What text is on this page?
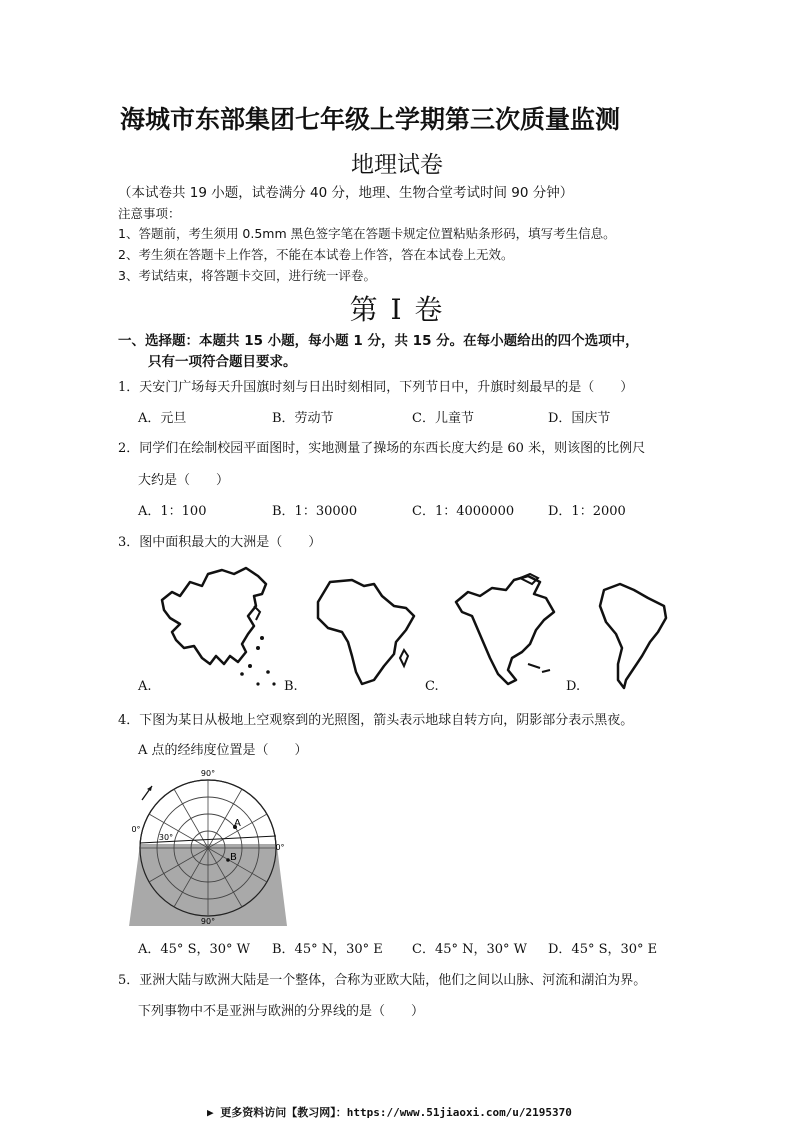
海城市东部集团七年级上学期第三次质量监测
地理试卷
（本试卷共 19 小题，试卷满分 40 分，地理、生物合堂考试时间 90 分钟）
注意事项：
1、答题前，考生须用 0.5mm 黑色签字笔在答题卡规定位置粘贴条形码，填写考生信息。
2、考生须在答题卡上作答，不能在本试卷上作答，答在本试卷上无效。
3、考试结束，将答题卡交回，进行统一评卷。
第 I 卷
一、选择题：本题共 15 小题，每小题 1 分，共 15 分。在每小题给出的四个选项中，
只有一项符合题目要求。
1．天安门广场每天升国旗时刻与日出时刻相同，下列节日中，升旗时刻最早的是（　　）
A．元旦	B．劳动节	C．儿童节	D．国庆节
2．同学们在绘制校园平面图时，实地测量了操场的东西长度大约是 60 米，则该图的比例尺
大约是（　　）
A．1：100	B．1：30000	C．1：4000000	D．1：2000
3．图中面积最大的大洲是（　　）
A.	B.	C.	D.
4．下图为某日从极地上空观察到的光照图，箭头表示地球自转方向，阴影部分表示黑夜。
A 点的经纬度位置是（　　）
90°
90°
0°
0°
30°
A
B
A．45° S，30° W B．45° N，30° E C．45° N，30° W D．45° S，30° E
5．亚洲大陆与欧洲大陆是一个整体，合称为亚欧大陆，他们之间以山脉、河流和湖泊为界。
下列事物中不是亚洲与欧洲的分界线的是（　　）
▶ 更多资料访问【教习网】：https://www.51jiaoxi.com/u/2195370
